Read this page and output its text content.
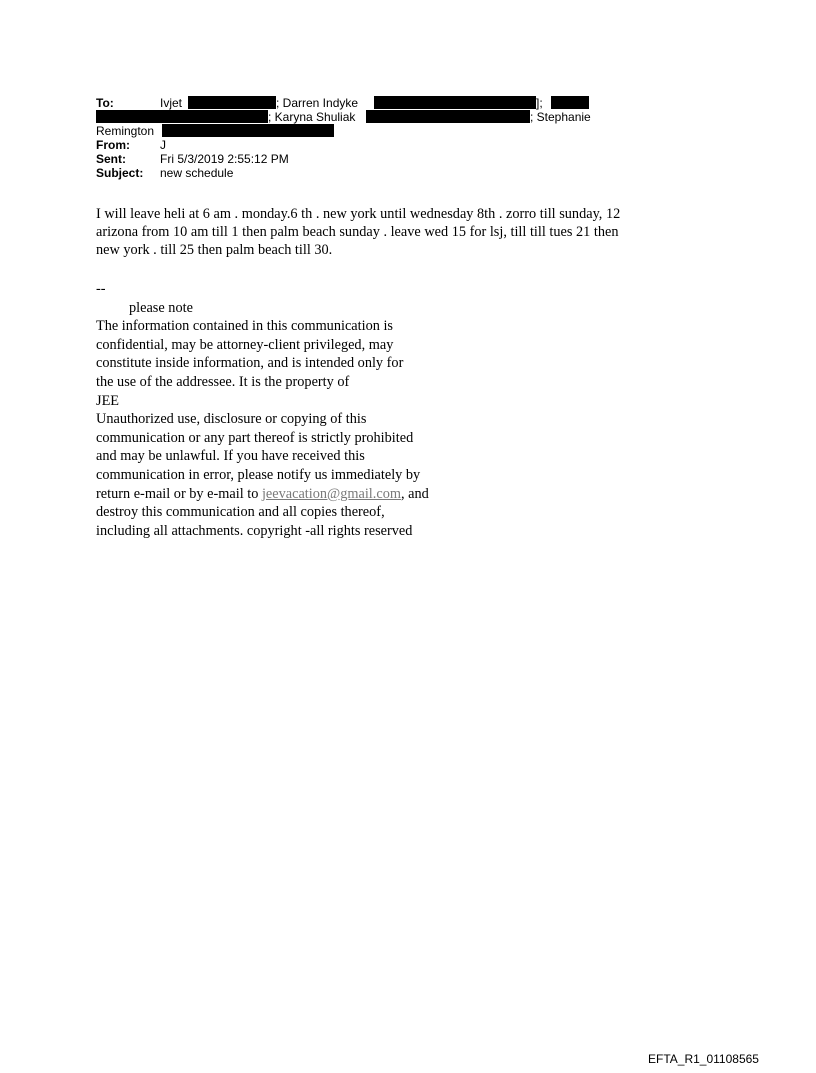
To:	Ivjet	; Darren Indyke	];
; Karyna Shuliak	; Stephanie
Remington
From:	J
Sent:	Fri 5/3/2019 2:55:12 PM
Subject: new schedule

I will leave heli at 6 am . monday.6 th . new york until wednesday 8th . zorro till sunday, 12

arizona from 10 am till 1 then palm beach sunday . leave wed 15 for lsj, till till tues 21 then

new york . till 25 then palm beach till 30.

--

please note

The information contained in this communication is

confidential, may be attorney-client privileged, may

constitute inside information, and is intended only for

the use of the addressee. It is the property of

JEE

Unauthorized use, disclosure or copying of this

communication or any part thereof is strictly prohibited

and may be unlawful. If you have received this

communication in error, please notify us immediately by

return e-mail or by e-mail to jeevacation@gmail.com, and

destroy this communication and all copies thereof,

including all attachments. copyright -all rights reserved

EFTA_R1_01108565
